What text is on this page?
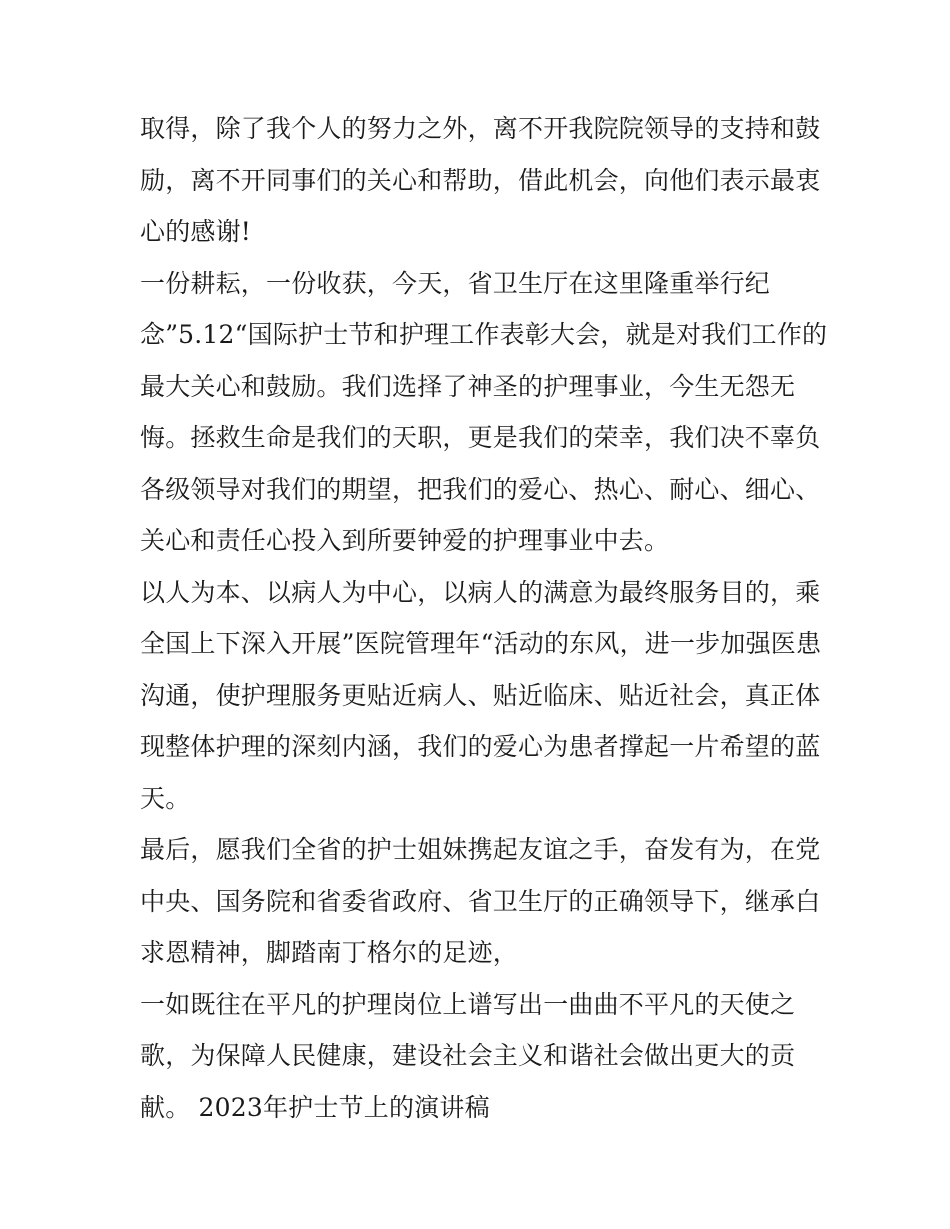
取得，除了我个人的努力之外，离不开我院院领导的支持和鼓
励，离不开同事们的关心和帮助，借此机会，向他们表示最衷
心的感谢!
一份耕耘，一份收获，今天，省卫生厅在这里隆重举行纪
念”5.12“国际护士节和护理工作表彰大会，就是对我们工作的
最大关心和鼓励。我们选择了神圣的护理事业，今生无怨无
悔。拯救生命是我们的天职，更是我们的荣幸，我们决不辜负
各级领导对我们的期望，把我们的爱心、热心、耐心、细心、
关心和责任心投入到所要钟爱的护理事业中去。
以人为本、以病人为中心，以病人的满意为最终服务目的，乘
全国上下深入开展”医院管理年“活动的东风，进一步加强医患
沟通，使护理服务更贴近病人、贴近临床、贴近社会，真正体
现整体护理的深刻内涵，我们的爱心为患者撑起一片希望的蓝
天。
最后，愿我们全省的护士姐妹携起友谊之手，奋发有为，在党
中央、国务院和省委省政府、省卫生厅的正确领导下，继承白
求恩精神，脚踏南丁格尔的足迹，
一如既往在平凡的护理岗位上谱写出一曲曲不平凡的天使之
歌，为保障人民健康，建设社会主义和谐社会做出更大的贡
献。 2023年护士节上的演讲稿
